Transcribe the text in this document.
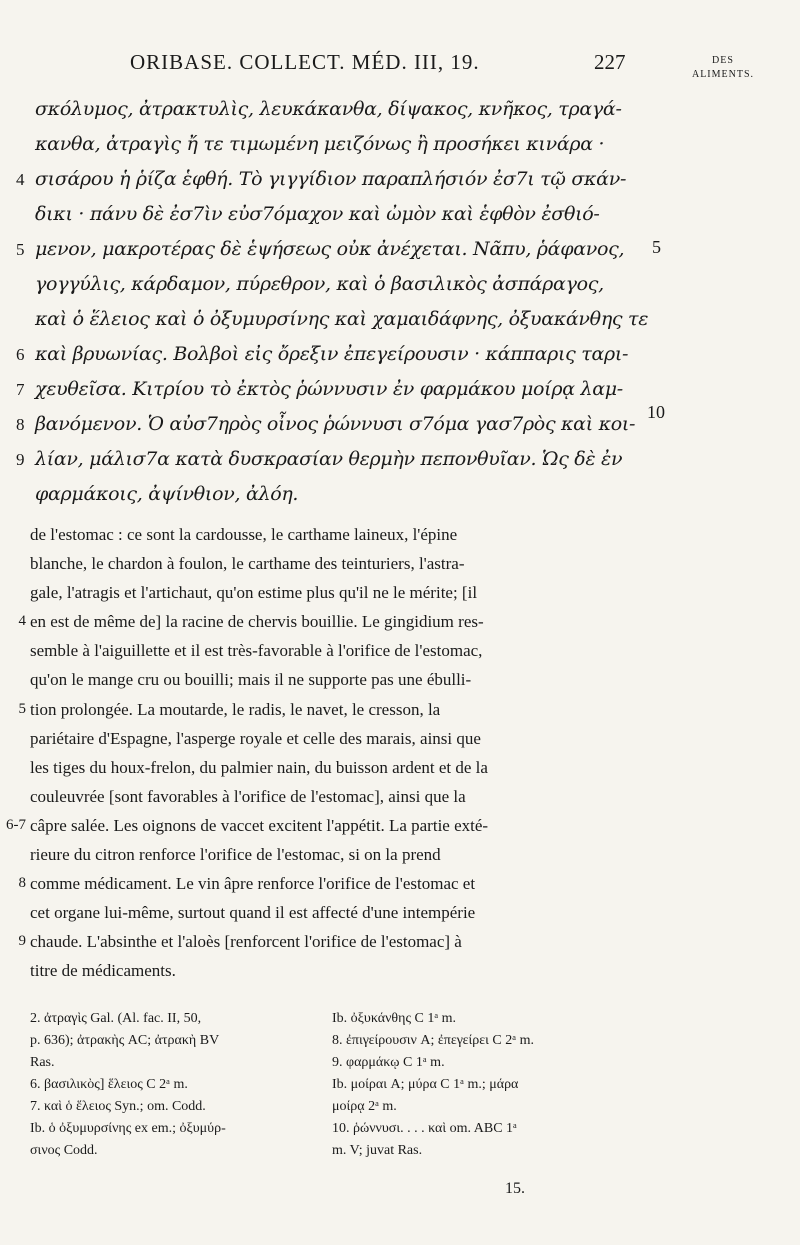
ORIBASE. COLLECT. MÉD. III, 19.	227	DES
ALIMENTS.
σκόλυμος, ἀτρακτυλὶς, λευκάκανθα, δίψακος, κνῆκος, τραγά-
κανθα, ἀτραγὶς ἤ τε τιμωμένη μειζόνως ἢ προσήκει κινάρα ·
4 σισάρου ἡ ῥίζα ἑφθή. Τὸ γιγγίδιον παραπλήσιόν ἐσ7ι τῷ σκάν-
δικι · πάνυ δὲ ἐσ7ὶν εὐσ7όμαχον καὶ ὠμὸν καὶ ἑφθὸν ἐσθιό-
5 μενον, μακροτέρας δὲ ἑψήσεως οὐκ ἀνέχεται. Νᾶπυ, ῥάφανος,
γογγύλις, κάρδαμον, πύρεθρον, καὶ ὁ βασιλικὸς ἀσπάραγος,
καὶ ὁ ἕλειος καὶ ὁ ὀξυμυρσίνης καὶ χαμαιδάφνης, ὀξυακάνθης τε
6 καὶ βρυωνίας. Βολβοὶ εἰς ὄρεξιν ἐπεγείρουσιν · κάππαρις ταρι-
7 χευθεῖσα. Κιτρίου τὸ ἐκτὸς ῥώννυσιν ἐν φαρμάκου μοίρᾳ λαμ-
8 βανόμενον. Ὁ αὐσ7ηρὸς οἶνος ῥώννυσι σ7όμα γασ7ρὸς καὶ κοι-
9 λίαν, μάλισ7α κατὰ δυσκρασίαν θερμὴν πεπονθυῖαν. Ὡς δὲ ἐν
φαρμάκοις, ἀψίνθιον, ἀλόη.
5
10
de l'estomac : ce sont la cardousse, le carthame laineux, l'épine
blanche, le chardon à foulon, le carthame des teinturiers, l'astra-
gale, l'atragis et l'artichaut, qu'on estime plus qu'il ne le mérite; [il
4 en est de même de] la racine de chervis bouillie. Le gingidium res-
semble à l'aiguillette et il est très-favorable à l'orifice de l'estomac,
qu'on le mange cru ou bouilli; mais il ne supporte pas une ébulli-
5 tion prolongée. La moutarde, le radis, le navet, le cresson, la
pariétaire d'Espagne, l'asperge royale et celle des marais, ainsi que
les tiges du houx-frelon, du palmier nain, du buisson ardent et de la
couleuvrée [sont favorables à l'orifice de l'estomac], ainsi que la
6-7 câpre salée. Les oignons de vaccet excitent l'appétit. La partie exté-
rieure du citron renforce l'orifice de l'estomac, si on la prend
8 comme médicament. Le vin âpre renforce l'orifice de l'estomac et
cet organe lui-même, surtout quand il est affecté d'une intempérie
9 chaude. L'absinthe et l'aloès [renforcent l'orifice de l'estomac] à
titre de médicaments.
2. ἀτραγὶς Gal. (Al. fac. II, 50,
p. 636); ἀτρακὴς AC; ἀτρακὴ BV
Ras.
6. βασιλικὸς] ἕλειος C 2ᵃ m.
7. καὶ ὁ ἕλειος Syn.; om. Codd.
Ib. ὁ ὀξυμυρσίνης ex em.; ὀξυμύρ-
σινος Codd.
Ib. ὀξυκάνθης C 1ᵃ m.
8. ἐπιγείρουσιν A; ἐπεγείρει C 2ᵃ m.
9. φαρμάκῳ C 1ᵃ m.
Ib. μοίραι A; μύρα C 1ᵃ m.; μάρα
μοίρᾳ 2ᵃ m.
10. ῥώννυσι. . . . καὶ om. ABC 1ᵃ
m. V; juvat Ras.
15.
